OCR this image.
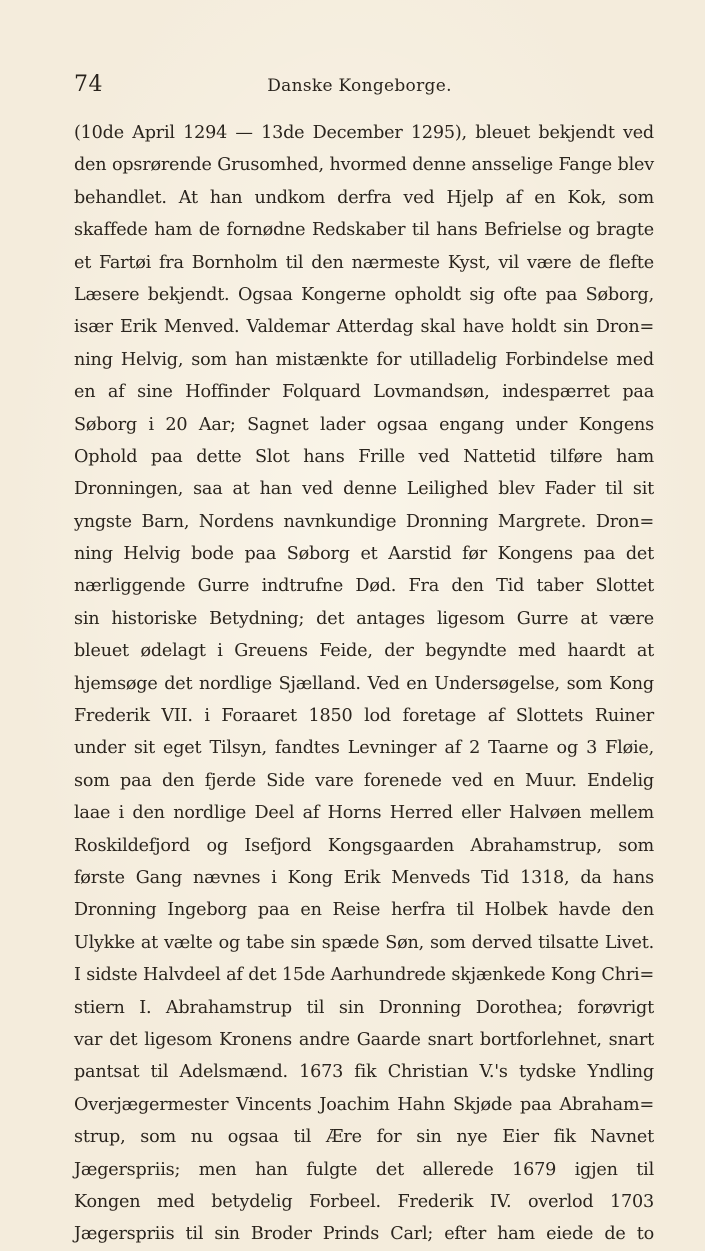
74	Danske Kongeborge.
(10de April 1294 — 13de December 1295), bleuet bekjendt ved
den opsrørende Grusomhed, hvormed denne ansselige Fange blev
behandlet. At han undkom derfra ved Hjelp af en Kok, som
skaffede ham de fornødne Redskaber til hans Befrielse og bragte
et Fartøi fra Bornholm til den nærmeste Kyst, vil være de flefte
Læsere bekjendt. Ogsaa Kongerne opholdt sig ofte paa Søborg,
især Erik Menved. Valdemar Atterdag skal have holdt sin Dron=
ning Helvig, som han mistænkte for utilladelig Forbindelse med
en af sine Hoffinder Folquard Lovmandsøn, indespærret paa
Søborg i 20 Aar; Sagnet lader ogsaa engang under Kongens
Ophold paa dette Slot hans Frille ved Nattetid tilføre ham
Dronningen, saa at han ved denne Leilighed blev Fader til sit
yngste Barn, Nordens navnkundige Dronning Margrete. Dron=
ning Helvig bode paa Søborg et Aarstid før Kongens paa det
nærliggende Gurre indtrufne Død. Fra den Tid taber Slottet
sin historiske Betydning; det antages ligesom Gurre at være
bleuet ødelagt i Greuens Feide, der begyndte med haardt at
hjemsøge det nordlige Sjælland. Ved en Undersøgelse, som Kong
Frederik VII. i Foraaret 1850 lod foretage af Slottets Ruiner
under sit eget Tilsyn, fandtes Levninger af 2 Taarne og 3 Fløie,
som paa den fjerde Side vare forenede ved en Muur. Endelig
laae i den nordlige Deel af Horns Herred eller Halvøen mellem
Roskildefjord og Isefjord Kongsgaarden Abrahamstrup, som
første Gang nævnes i Kong Erik Menveds Tid 1318, da hans
Dronning Ingeborg paa en Reise herfra til Holbek havde den
Ulykke at vælte og tabe sin spæde Søn, som derved tilsatte Livet.
I sidste Halvdeel af det 15de Aarhundrede skjænkede Kong Chri=
stiern I. Abrahamstrup til sin Dronning Dorothea; forøvrigt
var det ligesom Kronens andre Gaarde snart bortforlehnet, snart
pantsat til Adelsmænd. 1673 fik Christian V.'s tydske Yndling
Overjægermester Vincents Joachim Hahn Skjøde paa Abraham=
strup, som nu ogsaa til Ære for sin nye Eier fik Navnet
Jægerspriis; men han fulgte det allerede 1679 igjen til
Kongen med betydelig Forbeel. Frederik IV. overlod 1703
Jægerspriis til sin Broder Prinds Carl; efter ham eiede de to
